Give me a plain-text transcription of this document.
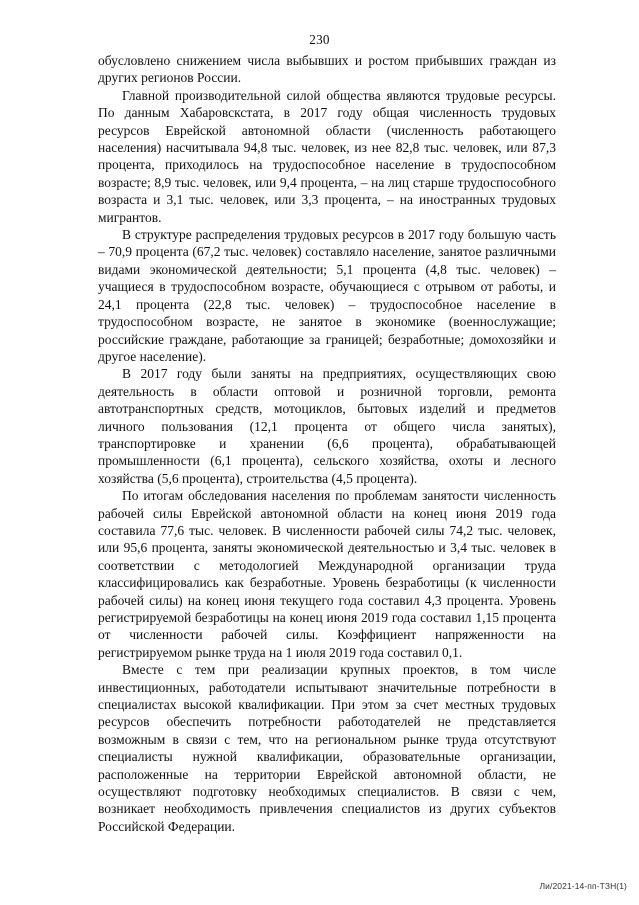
230

обусловлено снижением числа выбывших и ростом прибывших граждан из других регионов России.

Главной производительной силой общества являются трудовые ресурсы. По данным Хабаровскстата, в 2017 году общая численность трудовых ресурсов Еврейской автономной области (численность работающего населения) насчитывала 94,8 тыс. человек, из нее 82,8 тыс. человек, или 87,3 процента, приходилось на трудоспособное население в трудоспособном возрасте; 8,9 тыс. человек, или 9,4 процента, – на лиц старше трудоспособного возраста и 3,1 тыс. человек, или 3,3 процента, – на иностранных трудовых мигрантов.

В структуре распределения трудовых ресурсов в 2017 году большую часть – 70,9 процента (67,2 тыс. человек) составляло население, занятое различными видами экономической деятельности; 5,1 процента (4,8 тыс. человек) – учащиеся в трудоспособном возрасте, обучающиеся с отрывом от работы, и 24,1 процента (22,8 тыс. человек) – трудоспособное население в трудоспособном возрасте, не занятое в экономике (военнослужащие; российские граждане, работающие за границей; безработные; домохозяйки и другое население).

В 2017 году были заняты на предприятиях, осуществляющих свою деятельность в области оптовой и розничной торговли, ремонта автотранспортных средств, мотоциклов, бытовых изделий и предметов личного пользования (12,1 процента от общего числа занятых), транспортировке и хранении (6,6 процента), обрабатывающей промышленности (6,1 процента), сельского хозяйства, охоты и лесного хозяйства (5,6 процента), строительства (4,5 процента).

По итогам обследования населения по проблемам занятости численность рабочей силы Еврейской автономной области на конец июня 2019 года составила 77,6 тыс. человек. В численности рабочей силы 74,2 тыс. человек, или 95,6 процента, заняты экономической деятельностью и 3,4 тыс. человек в соответствии с методологией Международной организации труда классифицировались как безработные. Уровень безработицы (к численности рабочей силы) на конец июня текущего года составил 4,3 процента. Уровень регистрируемой безработицы на конец июня 2019 года составил 1,15 процента от численности рабочей силы. Коэффициент напряженности на регистрируемом рынке труда на 1 июля 2019 года составил 0,1.

Вместе с тем при реализации крупных проектов, в том числе инвестиционных, работодатели испытывают значительные потребности в специалистах высокой квалификации. При этом за счет местных трудовых ресурсов обеспечить потребности работодателей не представляется возможным в связи с тем, что на региональном рынке труда отсутствуют специалисты нужной квалификации, образовательные организации, расположенные на территории Еврейской автономной области, не осуществляют подготовку необходимых специалистов. В связи с чем, возникает необходимость привлечения специалистов из других субъектов Российской Федерации.

Ли/2021-14-пп-ТЗН(1)
